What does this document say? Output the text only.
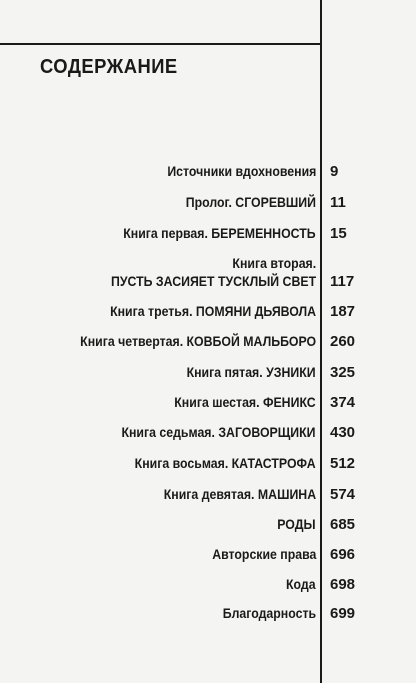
СОДЕРЖАНИЕ
Источники вдохновения 9
Пролог. СГОРЕВШИЙ 11
Книга первая. БЕРЕМЕННОСТЬ 15
Книга вторая.
ПУСТЬ ЗАСИЯЕТ ТУСКЛЫЙ СВЕТ 117
Книга третья. ПОМЯНИ ДЬЯВОЛА 187
Книга четвертая. КОВБОЙ МАЛЬБОРО 260
Книга пятая. УЗНИКИ 325
Книга шестая. ФЕНИКС 374
Книга седьмая. ЗАГОВОРЩИКИ 430
Книга восьмая. КАТАСТРОФА 512
Книга девятая. МАШИНА 574
РОДЫ 685
Авторские права 696
Кода 698
Благодарность 699
